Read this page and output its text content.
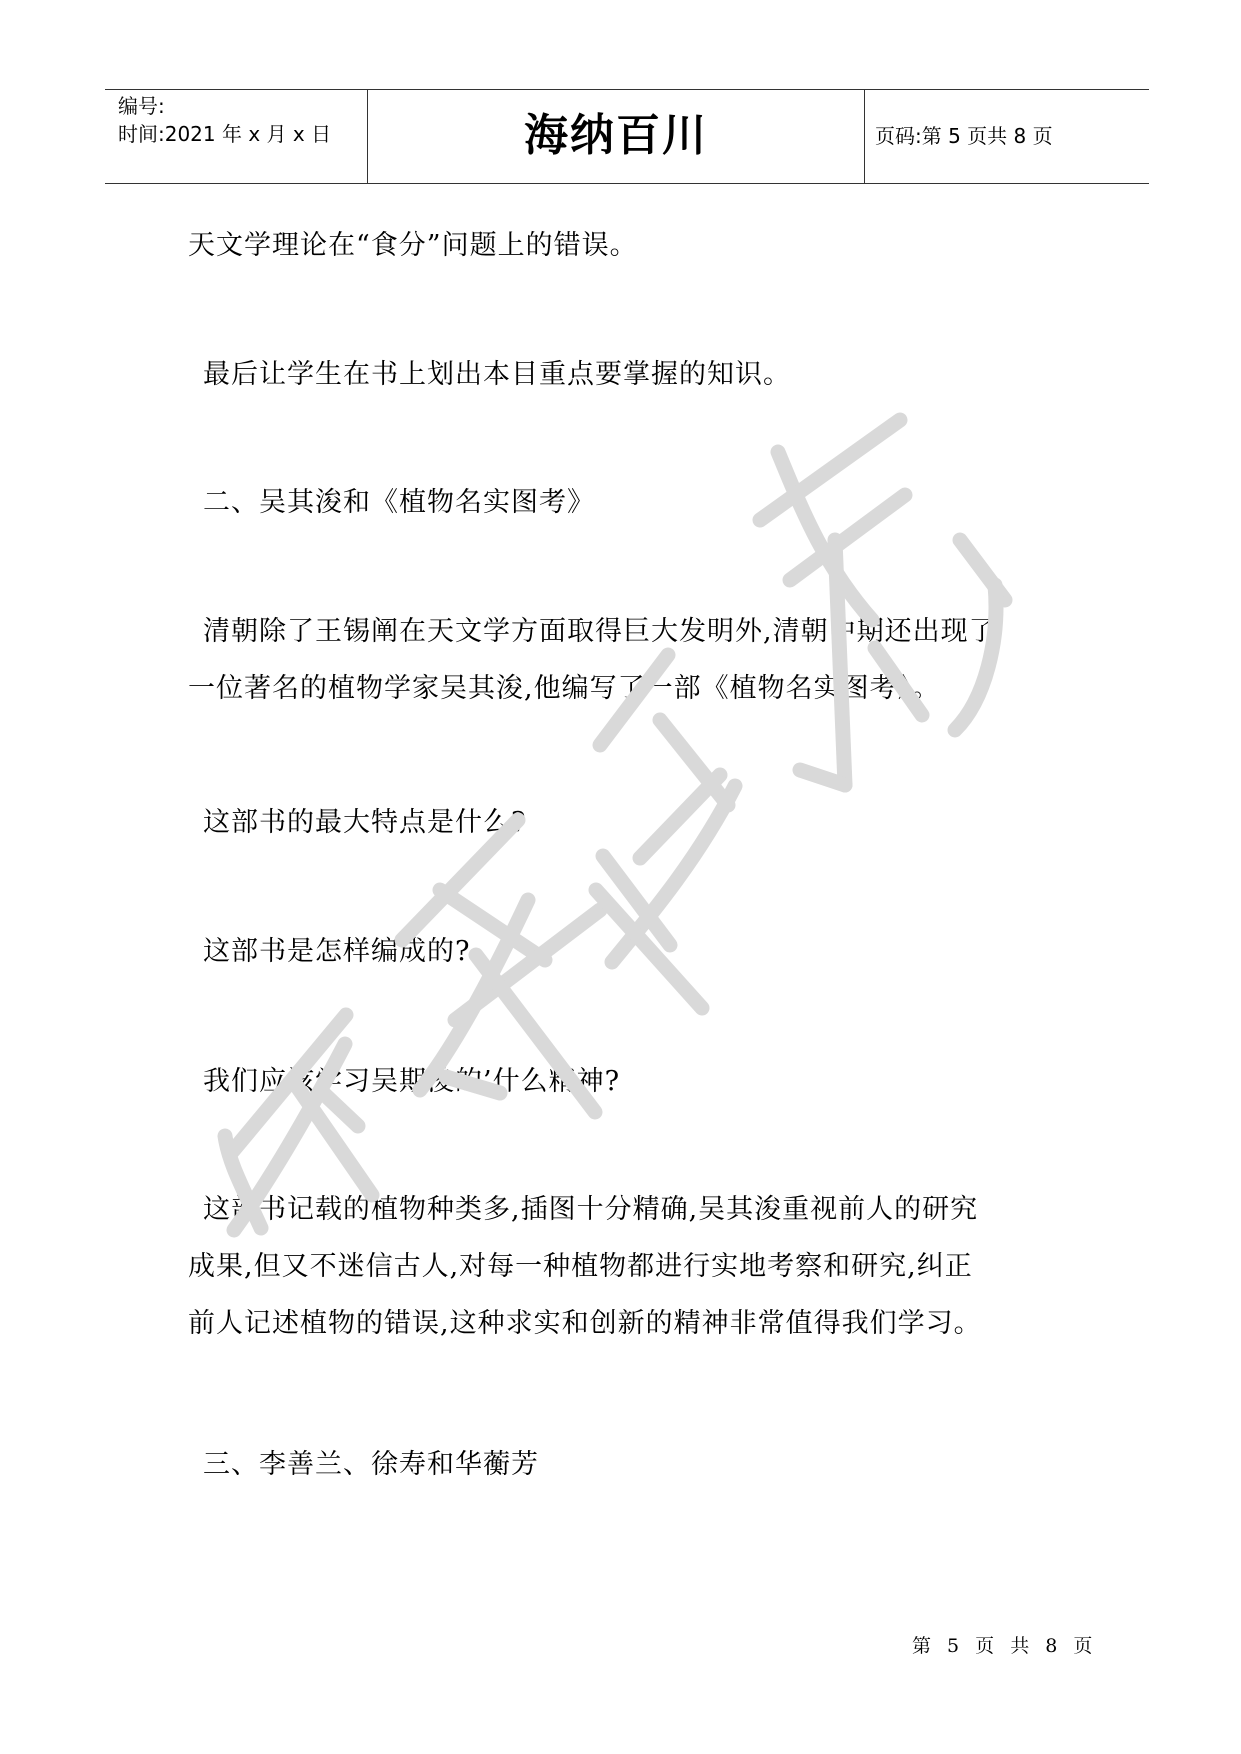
编号:
时间:2021 年 x 月 x 日	海纳百川	页码:第 5 页共 8 页
天文学理论在“食分”问题上的错误。
最后让学生在书上划出本目重点要掌握的知识。
二、吴其浚和《植物名实图考》
清朝除了王锡阐在天文学方面取得巨大发明外,清朝中期还出现了
一位著名的植物学家吴其浚,他编写了一部《植物名实图考》。
这部书的最大特点是什么?
这部书是怎样编成的?
我们应该学习吴期浚的’什么精神?
这部书记载的植物种类多,插图十分精确,吴其浚重视前人的研究
成果,但又不迷信古人,对每一种植物都进行实地考察和研究,纠正
前人记述植物的错误,这种求实和创新的精神非常值得我们学习。
三、李善兰、徐寿和华蘅芳
第 5 页 共 8 页
